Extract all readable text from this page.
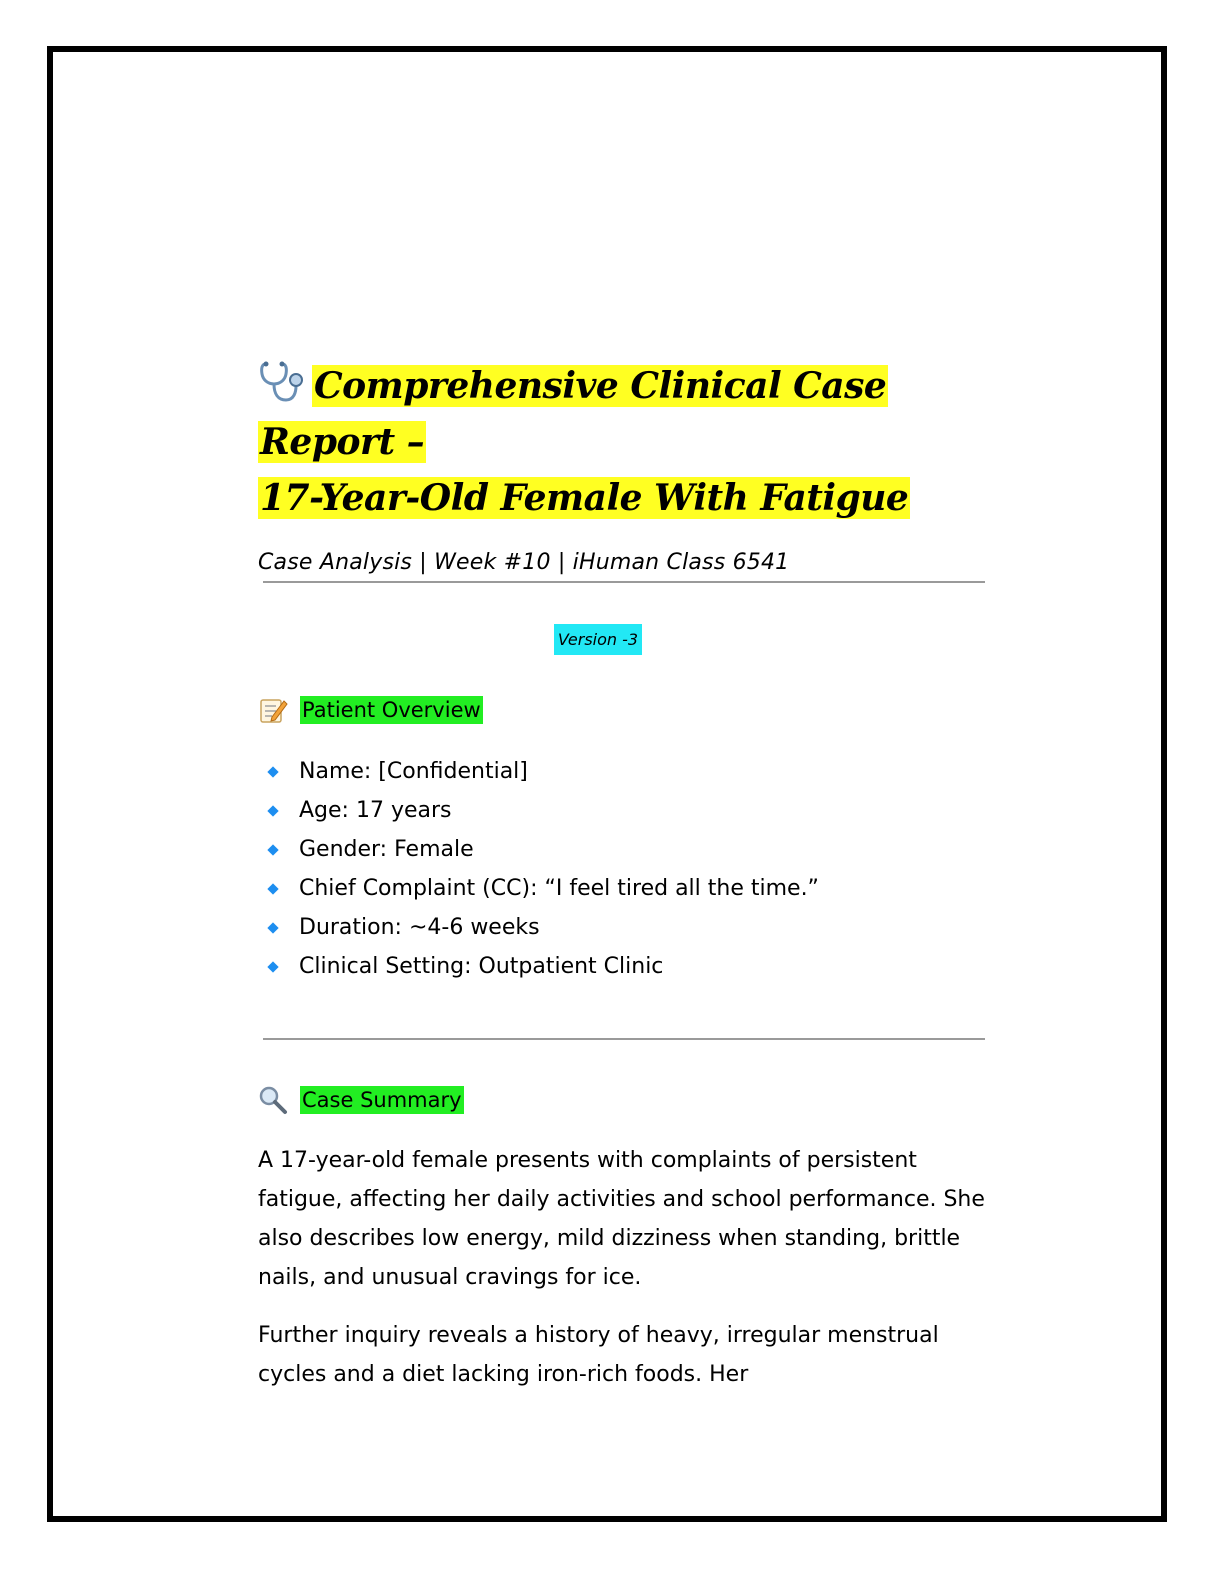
Comprehensive Clinical Case Report –
17-Year-Old Female With Fatigue
Case Analysis | Week #10 | iHuman Class 6541
Version -3
Patient Overview
Name: [Confidential]
Age: 17 years
Gender: Female
Chief Complaint (CC): “I feel tired all the time.”
Duration: ~4-6 weeks
Clinical Setting: Outpatient Clinic
Case Summary

A 17-year-old female presents with complaints of persistent fatigue, affecting her daily activities and school performance. She also describes low energy, mild dizziness when standing, brittle nails, and unusual cravings for ice.

Further inquiry reveals a history of heavy, irregular menstrual cycles and a diet lacking iron-rich foods. Her
